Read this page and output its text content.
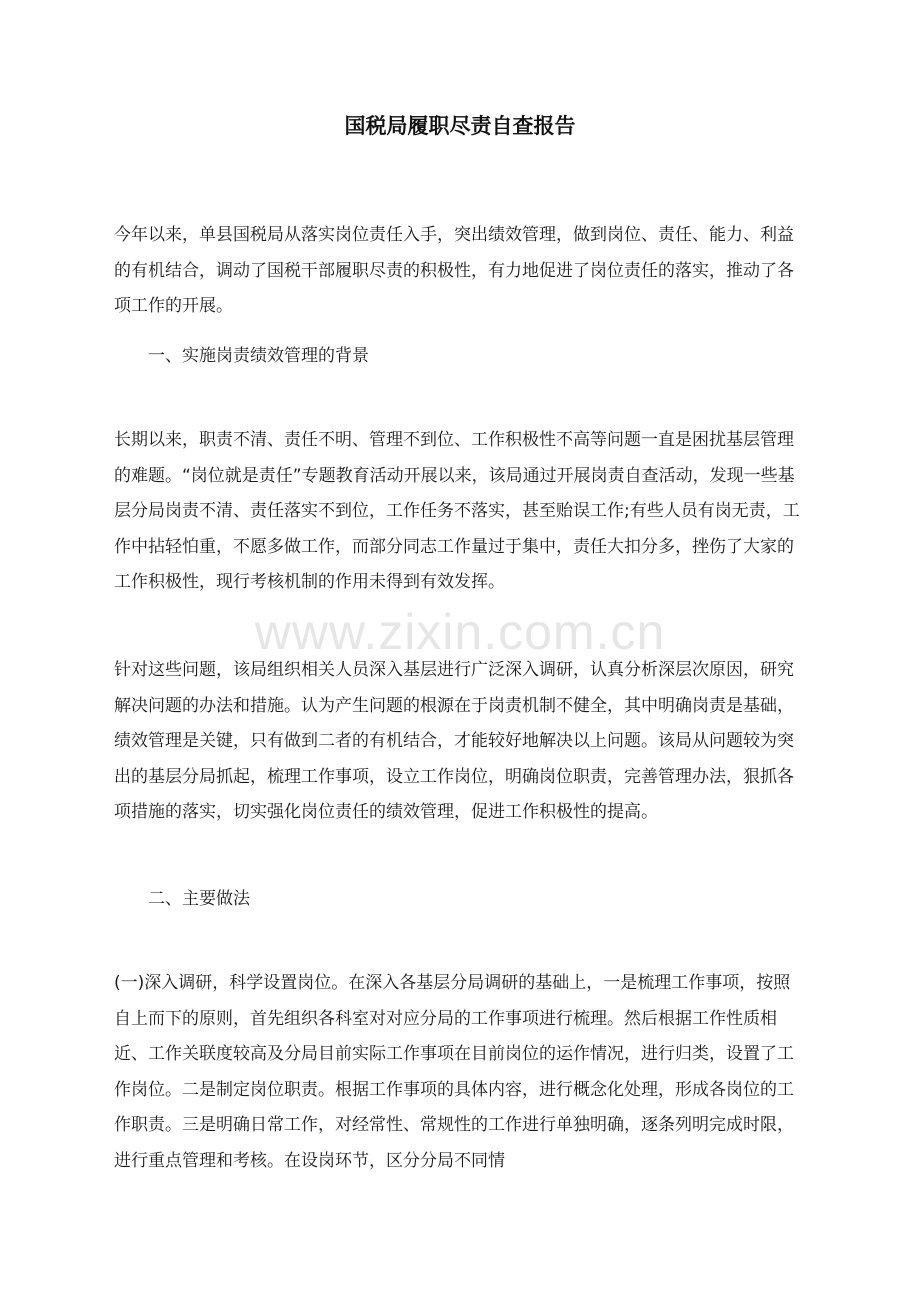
国税局履职尽责自查报告

今年以来，单县国税局从落实岗位责任入手，突出绩效管理，做到岗位、责任、能力、利益的有机结合，调动了国税干部履职尽责的积极性，有力地促进了岗位责任的落实，推动了各项工作的开展。

一、实施岗责绩效管理的背景

长期以来，职责不清、责任不明、管理不到位、工作积极性不高等问题一直是困扰基层管理的难题。“岗位就是责任”专题教育活动开展以来，该局通过开展岗责自查活动，发现一些基层分局岗责不清、责任落实不到位，工作任务不落实，甚至贻误工作;有些人员有岗无责，工作中拈轻怕重，不愿多做工作，而部分同志工作量过于集中，责任大扣分多，挫伤了大家的工作积极性，现行考核机制的作用未得到有效发挥。

www.zixin.com.cn

针对这些问题，该局组织相关人员深入基层进行广泛深入调研，认真分析深层次原因，研究解决问题的办法和措施。认为产生问题的根源在于岗责机制不健全，其中明确岗责是基础，绩效管理是关键，只有做到二者的有机结合，才能较好地解决以上问题。该局从问题较为突出的基层分局抓起，梳理工作事项，设立工作岗位，明确岗位职责，完善管理办法，狠抓各项措施的落实，切实强化岗位责任的绩效管理，促进工作积极性的提高。

二、主要做法

(一)深入调研，科学设置岗位。在深入各基层分局调研的基础上，一是梳理工作事项，按照自上而下的原则，首先组织各科室对对应分局的工作事项进行梳理。然后根据工作性质相近、工作关联度较高及分局目前实际工作事项在目前岗位的运作情况，进行归类，设置了工作岗位。二是制定岗位职责。根据工作事项的具体内容，进行概念化处理，形成各岗位的工作职责。三是明确日常工作，对经常性、常规性的工作进行单独明确，逐条列明完成时限，进行重点管理和考核。在设岗环节，区分分局不同情
